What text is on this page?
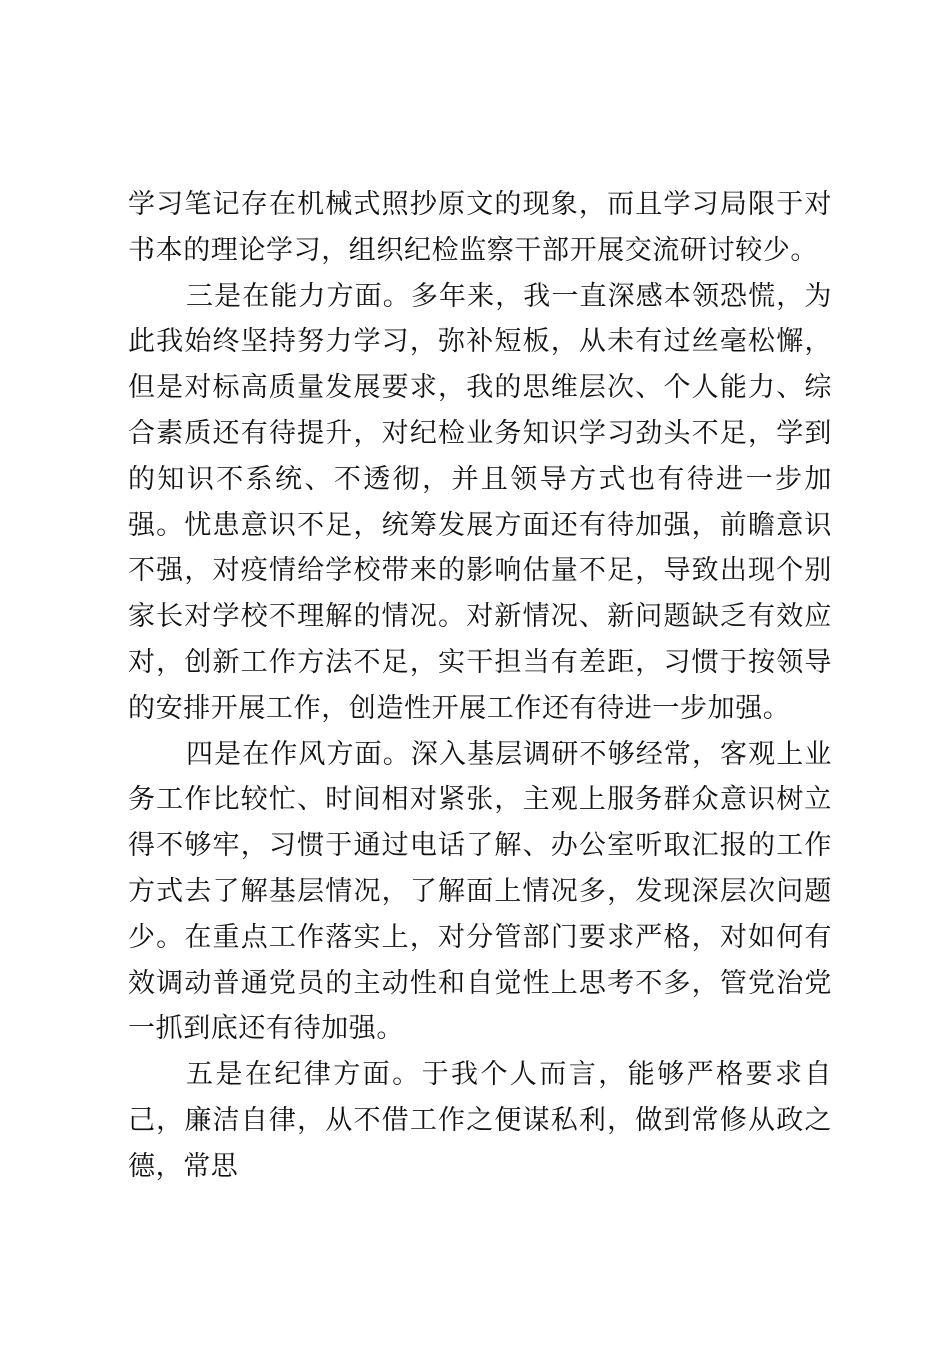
学习笔记存在机械式照抄原文的现象，而且学习局限于对书本的理论学习，组织纪检监察干部开展交流研讨较少。

三是在能力方面。多年来，我一直深感本领恐慌，为此我始终坚持努力学习，弥补短板，从未有过丝毫松懈，但是对标高质量发展要求，我的思维层次、个人能力、综合素质还有待提升，对纪检业务知识学习劲头不足，学到的知识不系统、不透彻，并且领导方式也有待进一步加强。忧患意识不足，统筹发展方面还有待加强，前瞻意识不强，对疫情给学校带来的影响估量不足，导致出现个别家长对学校不理解的情况。对新情况、新问题缺乏有效应对，创新工作方法不足，实干担当有差距，习惯于按领导的安排开展工作，创造性开展工作还有待进一步加强。

四是在作风方面。深入基层调研不够经常，客观上业务工作比较忙、时间相对紧张，主观上服务群众意识树立得不够牢，习惯于通过电话了解、办公室听取汇报的工作方式去了解基层情况，了解面上情况多，发现深层次问题少。在重点工作落实上，对分管部门要求严格，对如何有效调动普通党员的主动性和自觉性上思考不多，管党治党一抓到底还有待加强。

五是在纪律方面。于我个人而言，能够严格要求自己，廉洁自律，从不借工作之便谋私利，做到常修从政之德，常思
